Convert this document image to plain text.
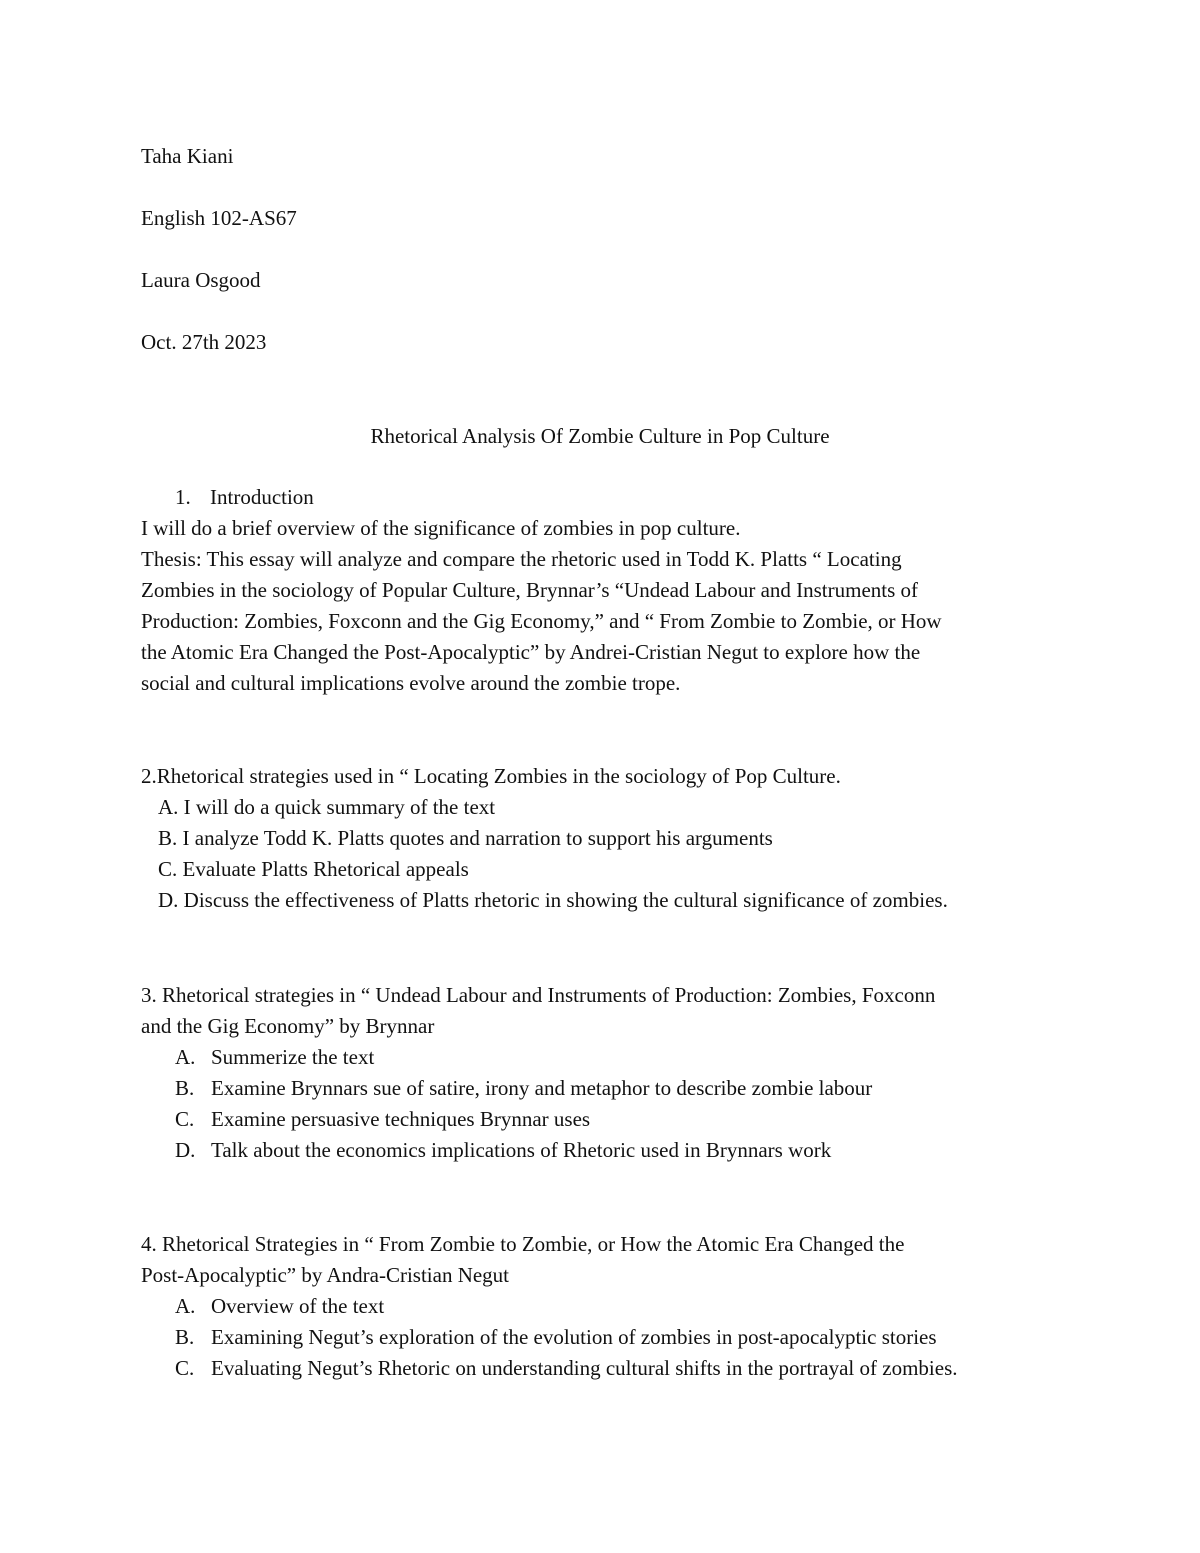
Taha Kiani
English 102-AS67
Laura Osgood
Oct. 27th 2023
Rhetorical Analysis Of Zombie Culture in Pop Culture
1. Introduction
I will do a brief overview of the significance of zombies in pop culture.
Thesis: This essay will analyze and compare the rhetoric used in Todd K. Platts “ Locating
Zombies in the sociology of Popular Culture, Brynnar’s “Undead Labour and Instruments of
Production: Zombies, Foxconn and the Gig Economy,” and “ From Zombie to Zombie, or How
the Atomic Era Changed the Post-Apocalyptic” by Andrei-Cristian Negut to explore how the
social and cultural implications evolve around the zombie trope.
2.Rhetorical strategies used in “ Locating Zombies in the sociology of Pop Culture.
A. I will do a quick summary of the text
B. I analyze Todd K. Platts quotes and narration to support his arguments
C. Evaluate Platts Rhetorical appeals
D. Discuss the effectiveness of Platts rhetoric in showing the cultural significance of zombies.
3. Rhetorical strategies in “ Undead Labour and Instruments of Production: Zombies, Foxconn
and the Gig Economy” by Brynnar
A. Summerize the text
B. Examine Brynnars sue of satire, irony and metaphor to describe zombie labour
C. Examine persuasive techniques Brynnar uses
D. Talk about the economics implications of Rhetoric used in Brynnars work
4. Rhetorical Strategies in “ From Zombie to Zombie, or How the Atomic Era Changed the
Post-Apocalyptic” by Andra-Cristian Negut
A. Overview of the text
B. Examining Negut’s exploration of the evolution of zombies in post-apocalyptic stories
C. Evaluating Negut’s Rhetoric on understanding cultural shifts in the portrayal of zombies.
